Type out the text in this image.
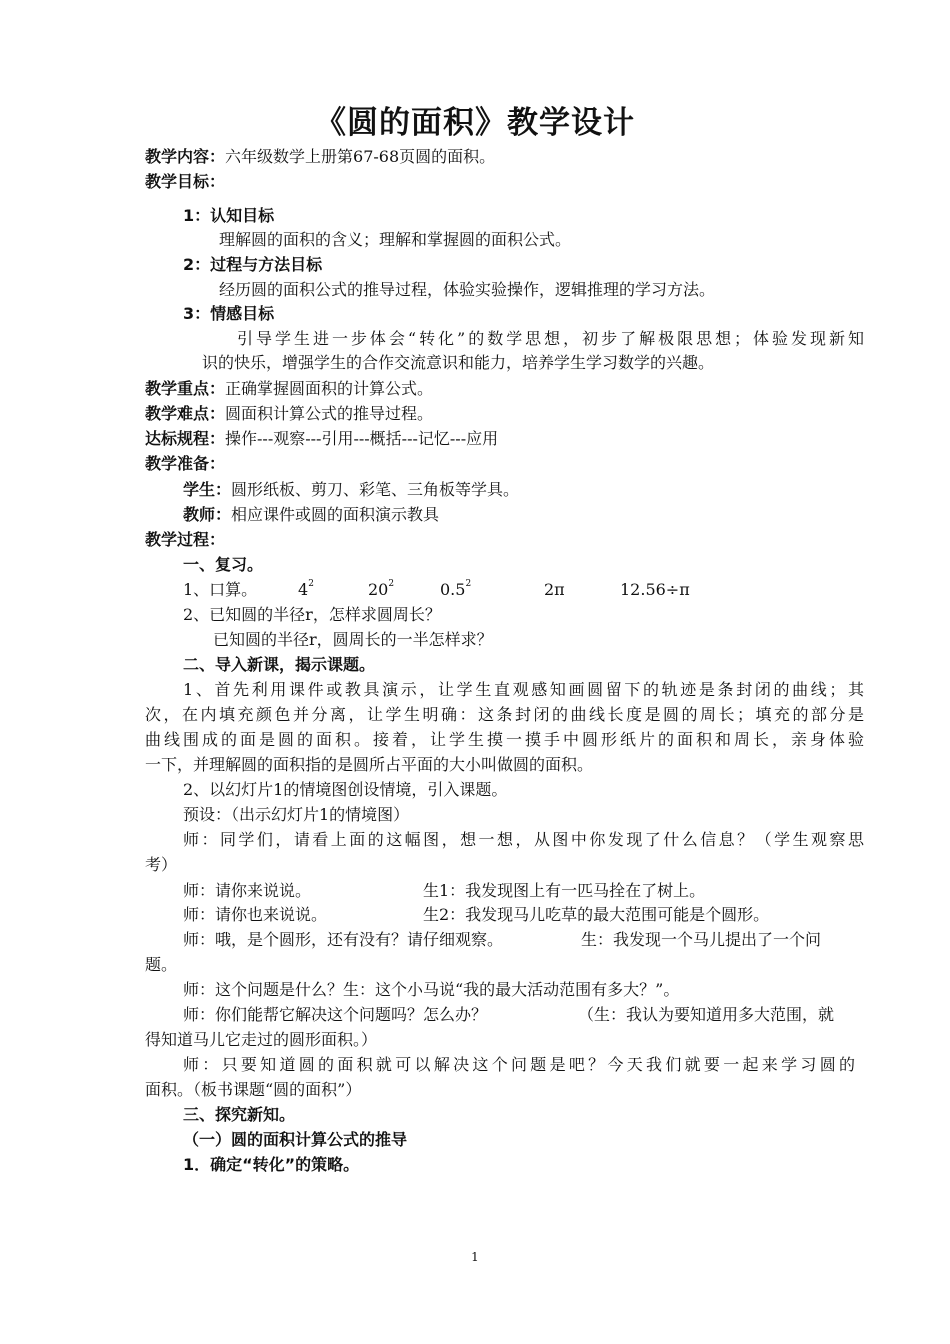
《圆的面积》教学设计
教学内容：六年级数学上册第67-68页圆的面积。
教学目标：
1：认知目标
理解圆的面积的含义；理解和掌握圆的面积公式。
2：过程与方法目标
经历圆的面积公式的推导过程，体验实验操作，逻辑推理的学习方法。
3：情感目标
引导学生进一步体会“转化”的数学思想，初步了解极限思想；体验发现新知
识的快乐，增强学生的合作交流意识和能力，培养学生学习数学的兴趣。
教学重点：正确掌握圆面积的计算公式。
教学难点：圆面积计算公式的推导过程。
达标规程：操作---观察---引用---概括---记忆---应用
教学准备：
学生：圆形纸板、剪刀、彩笔、三角板等学具。
教师：相应课件或圆的面积演示教具
教学过程：
一、复习。
1、口算。	$4^2$	$20^2$	$0.5^2$	2π	12.56÷π
2、已知圆的半径r，怎样求圆周长？
已知圆的半径r，圆周长的一半怎样求？
二、导入新课，揭示课题。
1、首先利用课件或教具演示，让学生直观感知画圆留下的轨迹是条封闭的曲线；其
次，在内填充颜色并分离，让学生明确：这条封闭的曲线长度是圆的周长；填充的部分是
曲线围成的面是圆的面积。接着，让学生摸一摸手中圆形纸片的面积和周长，亲身体验
一下，并理解圆的面积指的是圆所占平面的大小叫做圆的面积。
2、以幻灯片1的情境图创设情境，引入课题。
预设：（出示幻灯片1的情境图）
师：同学们，请看上面的这幅图，想一想，从图中你发现了什么信息？（学生观察思
考）
师：请你来说说。	生1：我发现图上有一匹马拴在了树上。
师：请你也来说说。	生2：我发现马儿吃草的最大范围可能是个圆形。
师：哦，是个圆形，还有没有？请仔细观察。	生：我发现一个马儿提出了一个问
题。
师：这个问题是什么？生：这个小马说“我的最大活动范围有多大？”。
师：你们能帮它解决这个问题吗？怎么办？	（生：我认为要知道用多大范围，就
得知道马儿它走过的圆形面积。）
师：只要知道圆的面积就可以解决这个问题是吧？今天我们就要一起来学习圆的
面积。（板书课题“圆的面积”）
三、探究新知。
（一）圆的面积计算公式的推导
1．确定“转化”的策略。
1
